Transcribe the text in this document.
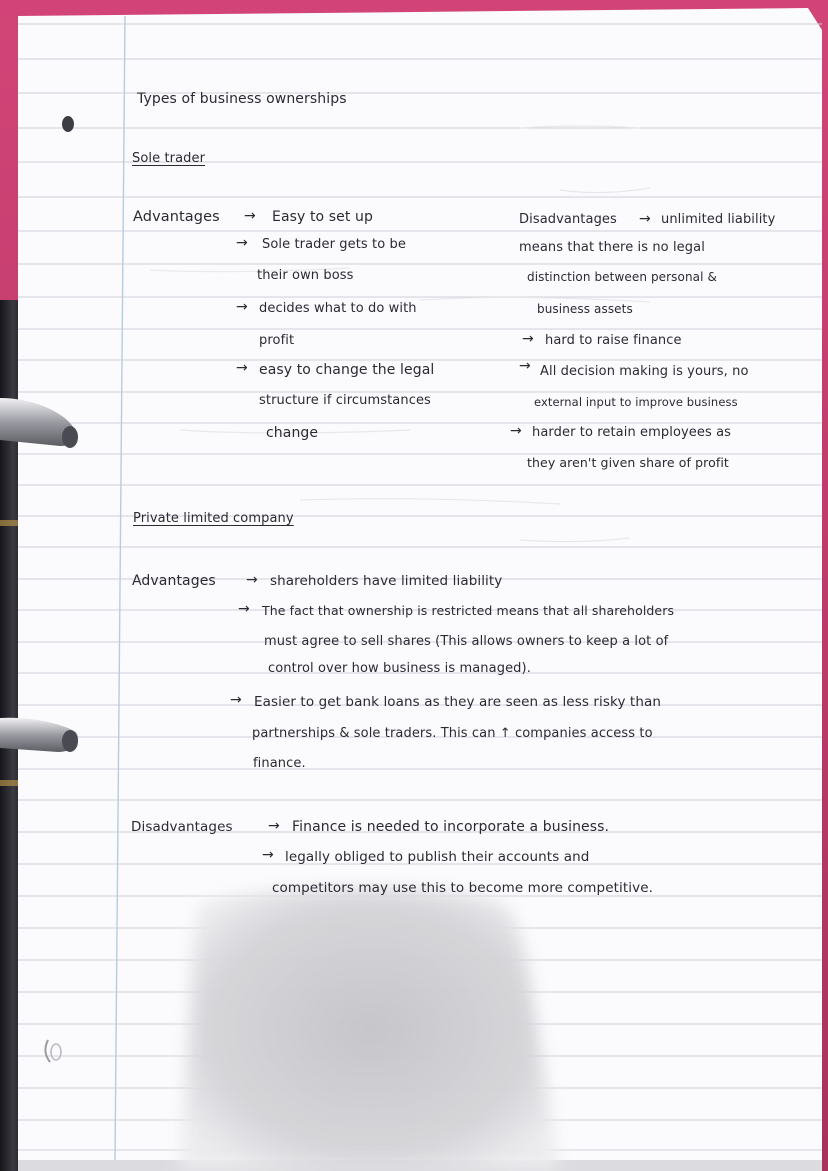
Types of business ownerships
Sole trader
Advantages → Easy to set up
→ Sole trader gets to be
their own boss
→ decides what to do with
profit
→ easy to change the legal
structure if circumstances
change
Disadvantages → unlimited liability
means that there is no legal
distinction between personal &
business assets
→ hard to raise finance
→ All decision making is yours, no
external input to improve business
→ harder to retain employees as
they aren't given share of profit
Private limited company
Advantages → shareholders have limited liability
→ The fact that ownership is restricted means that all shareholders
must agree to sell shares (This allows owners to keep a lot of
control over how business is managed).
→ Easier to get bank loans as they are seen as less risky than
partnerships & sole traders. This can ↑ companies access to
finance.
Disadvantages	→ Finance is needed to incorporate a business.
→ legally obliged to publish their accounts and
competitors may use this to become more competitive.
